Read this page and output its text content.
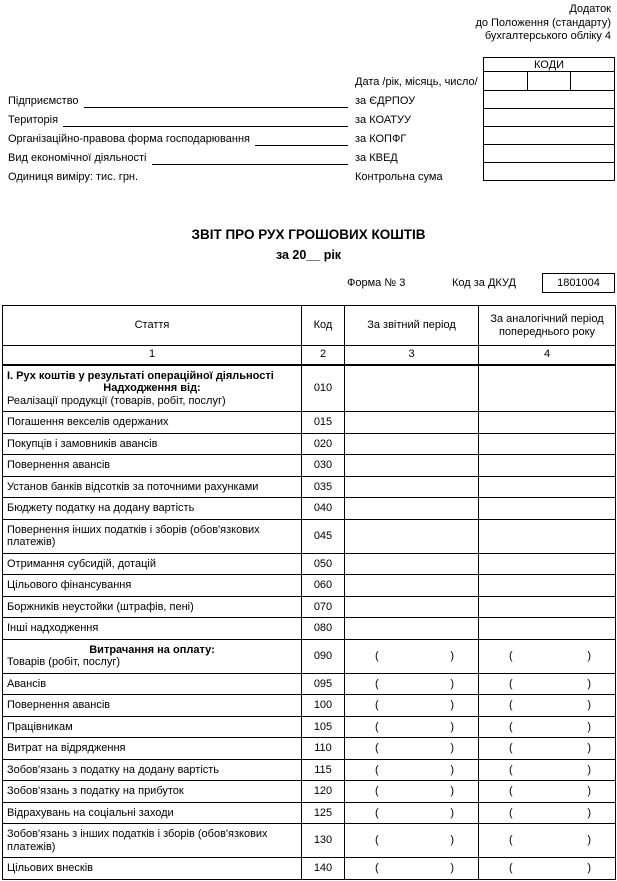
Додаток
до Положення (стандарту)
бухгалтерського обліку 4
Підприємство
Територія
Організаційно-правова форма господарювання
Вид економічної діяльності
Одиниця виміру: тис. грн.
Дата /рік, місяць, число/
за ЄДРПОУ
за КОАТУУ
за КОПФГ
за КВЕД
Контрольна сума
КОДИ

ЗВІТ ПРО РУХ ГРОШОВИХ КОШТІВ
за 20__ рік
Форма № 3	Код за ДКУД	1801004
Стаття	Код	За звітний період	За аналогічний період попереднього року
1	2	3	4

І. Рух коштів у результаті операційної діяльності
Надходження від:
Реалізації продукції (товарів, робіт, послуг)	010		

Погашення векселів одержаних	015		

Покупців і замовників авансів	020		

Повернення авансів	030		

Установ банків відсотків за поточними рахунками	035		

Бюджету податку на додану вартість	040		

Повернення інших податків і зборів (обов'язкових платежів)	045		

Отримання субсидій, дотацій	050		

Цільового фінансування	060		

Боржників неустойки (штрафів, пені)	070		

Інші надходження	080		

Витрачання на оплату:
Товарів (робіт, послуг)
	090	(	)	(	)

Авансів	095	( )	( )

Повернення авансів	100	( )	( )

Працівникам	105	( )	( )

Витрат на відрядження	110	( )	( )

Зобов'язань з податку на додану вартість	115	( )	( )

Зобов'язань з податку на прибуток	120	( )	( )

Відрахувань на соціальні заходи	125	( )	( )

Зобов'язань з інших податків і зборів (обов'язкових платежів)	130	( )	( )

Цільових внесків	140	( )	( )
